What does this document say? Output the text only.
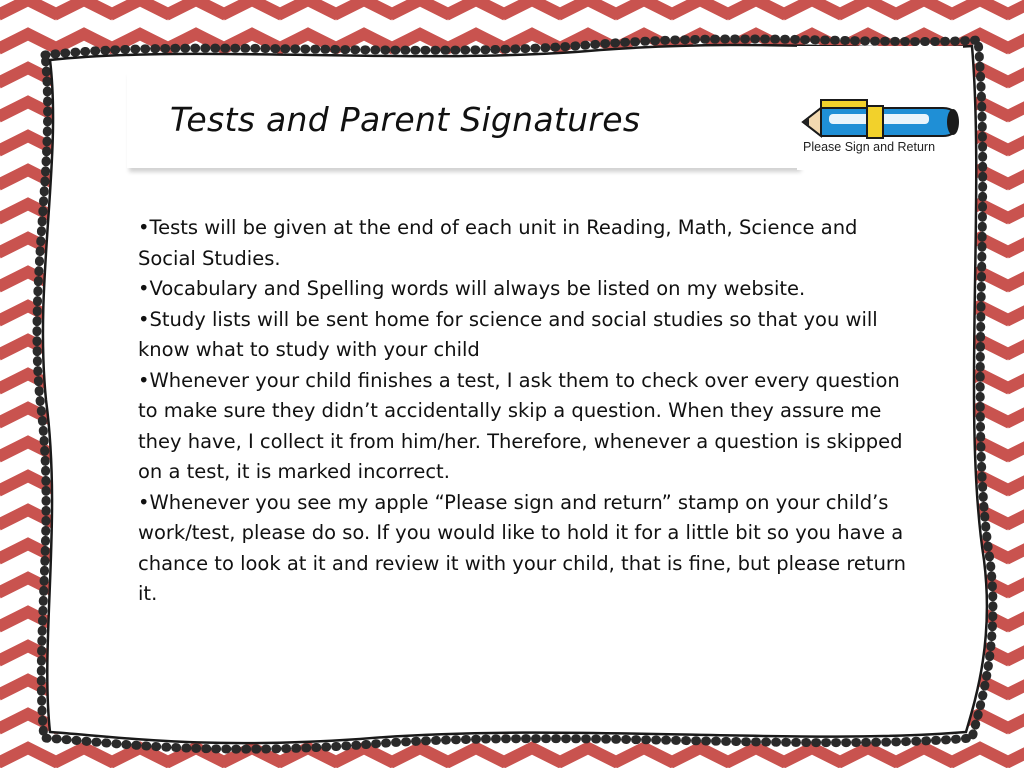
Tests and Parent Signatures
Please Sign and Return
•Tests will be given at the end of each unit in Reading, Math, Science and Social Studies.
•Vocabulary and Spelling words will always be listed on my website.
•Study lists will be sent home for science and social studies so that you will know what to study with your child
•Whenever your child finishes a test, I ask them to check over every question to make sure they didn’t accidentally skip a question. When they assure me they have, I collect it from him/her. Therefore, whenever a question is skipped on a test, it is marked incorrect.
•Whenever you see my apple “Please sign and return” stamp on your child’s work/test, please do so. If you would like to hold it for a little bit so you have a chance to look at it and review it with your child, that is fine, but please return it.
